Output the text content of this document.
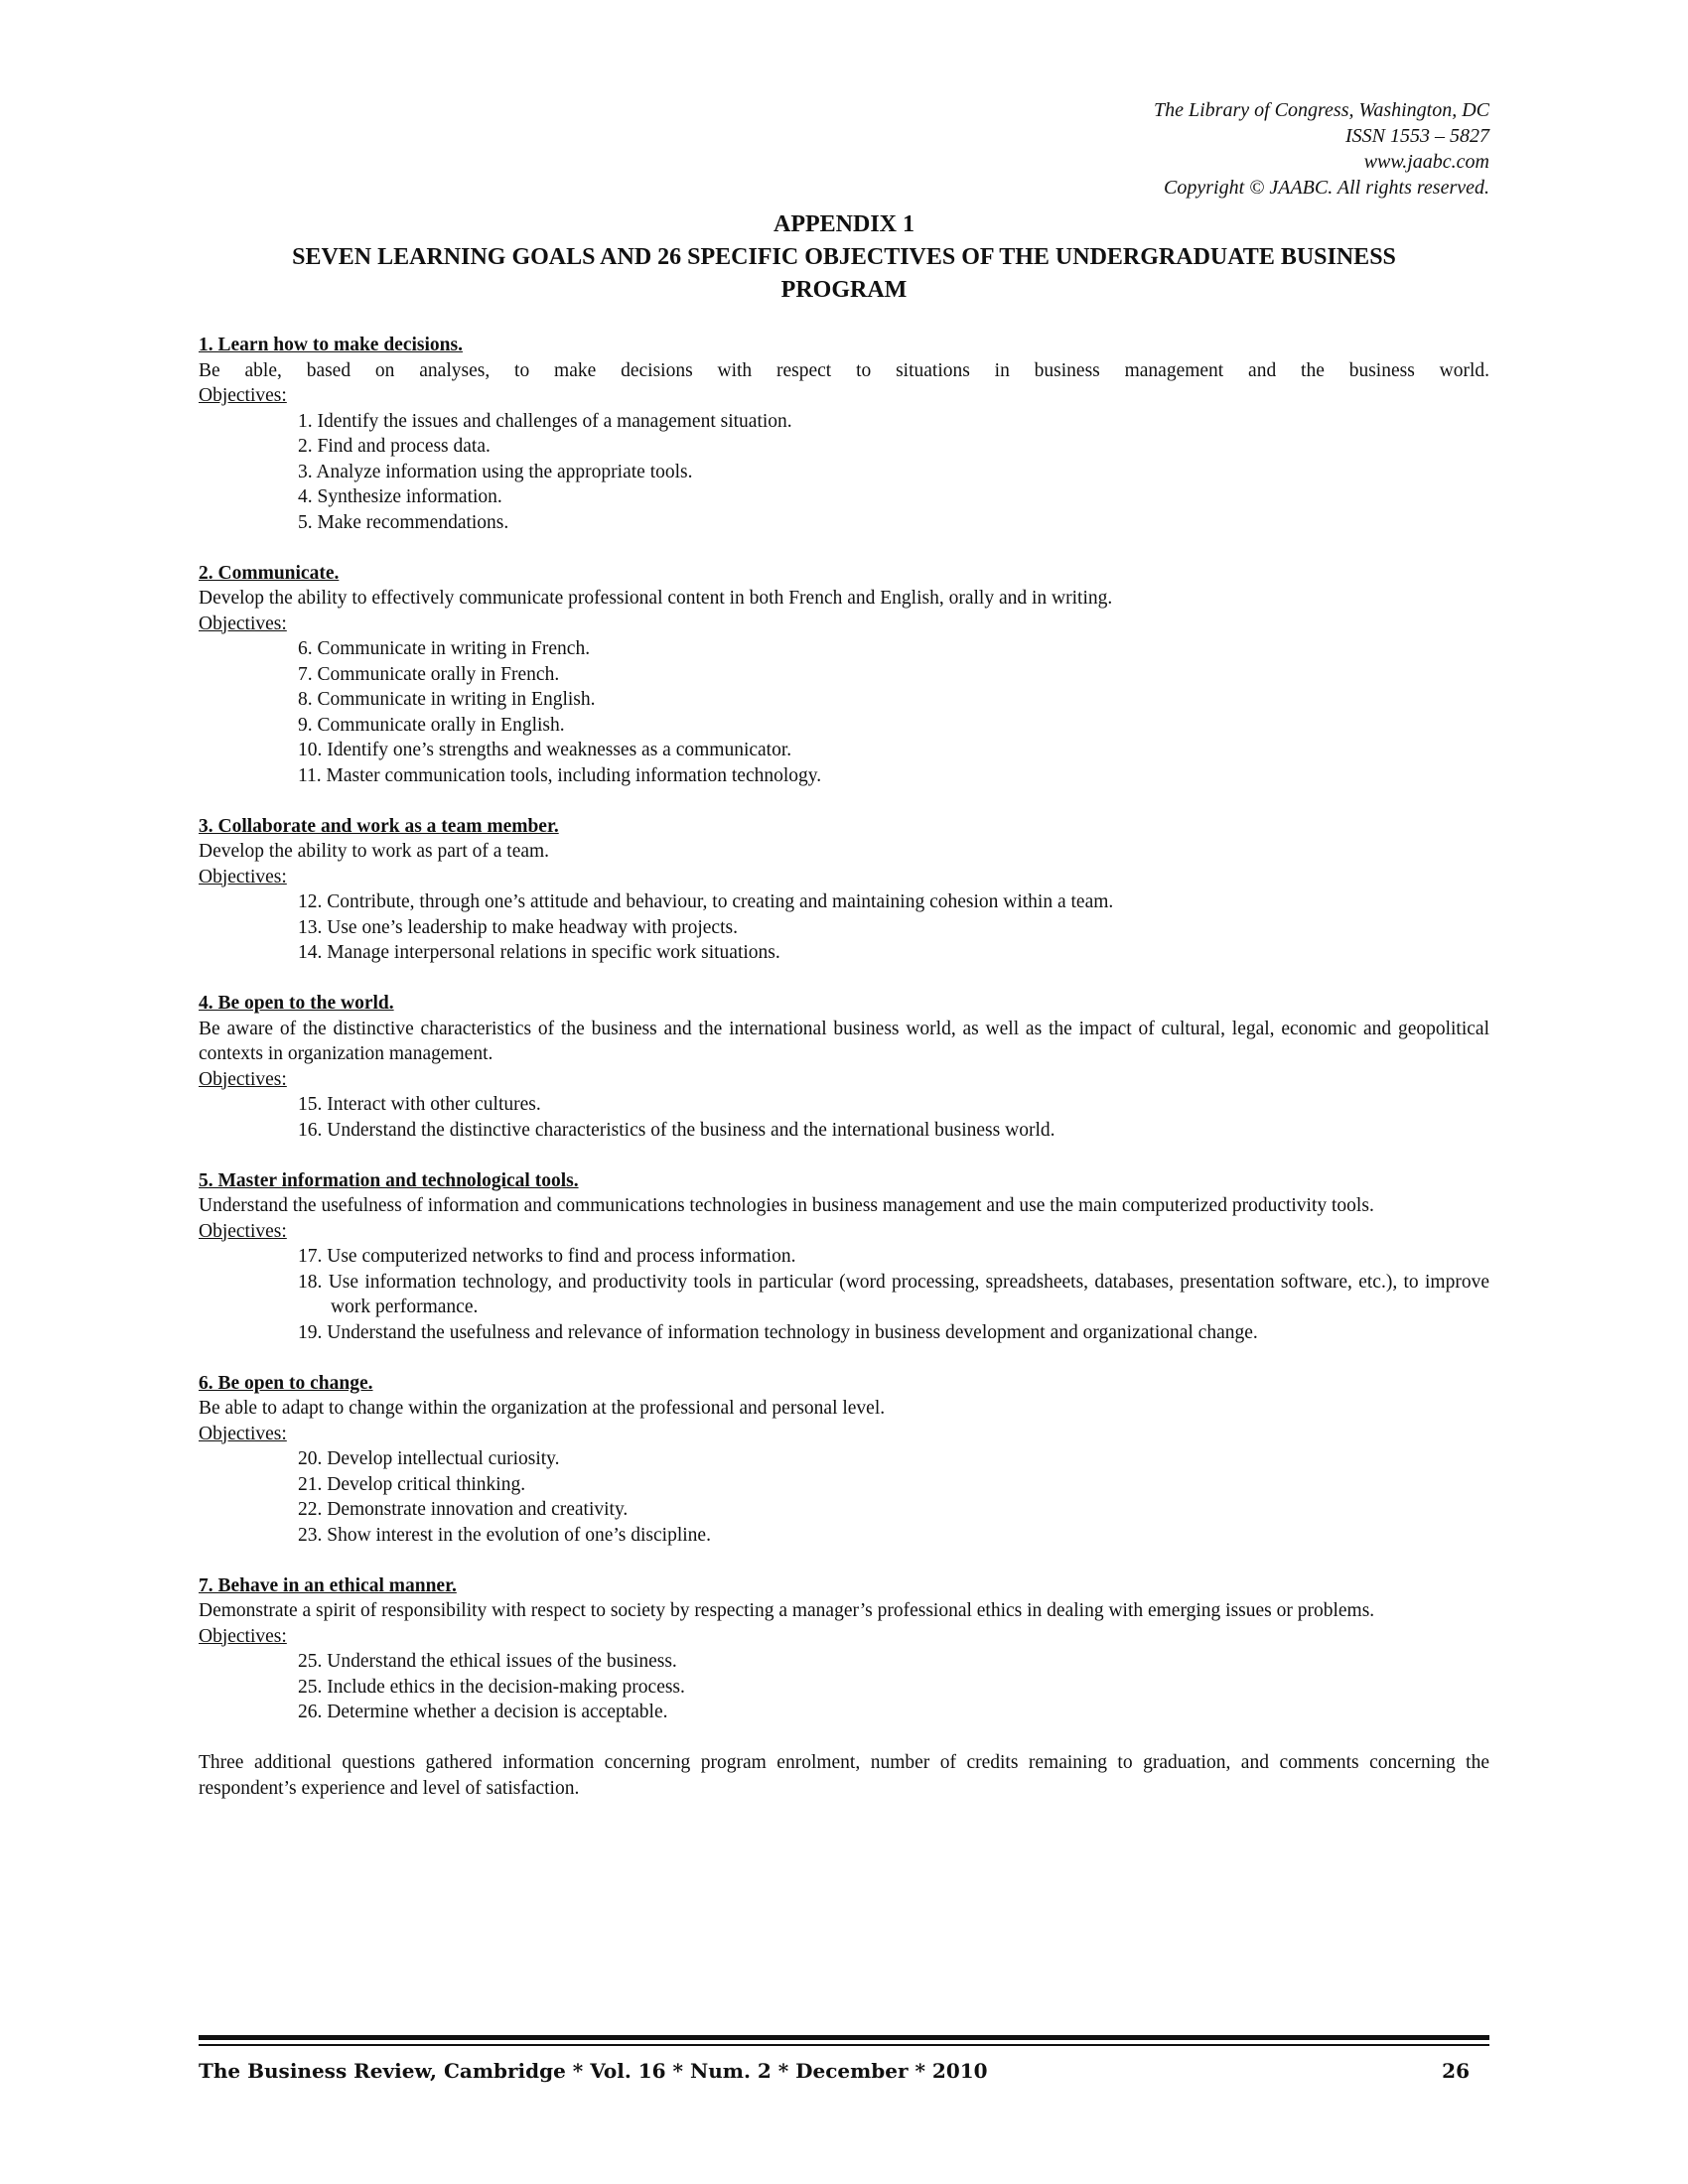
The Library of Congress, Washington, DC
ISSN 1553 – 5827
www.jaabc.com
Copyright © JAABC. All rights reserved.
APPENDIX 1
SEVEN LEARNING GOALS AND 26 SPECIFIC OBJECTIVES OF THE UNDERGRADUATE BUSINESS
PROGRAM
1. Learn how to make decisions.
Be able, based on analyses, to make decisions with respect to situations in business management and the business world.
Objectives:
1. Identify the issues and challenges of a management situation.
2. Find and process data.
3. Analyze information using the appropriate tools.
4. Synthesize information.
5. Make recommendations.
2. Communicate.
Develop the ability to effectively communicate professional content in both French and English, orally and in writing.
Objectives:
6. Communicate in writing in French.
7. Communicate orally in French.
8. Communicate in writing in English.
9. Communicate orally in English.
10. Identify one’s strengths and weaknesses as a communicator.
11. Master communication tools, including information technology.
3. Collaborate and work as a team member.
Develop the ability to work as part of a team.
Objectives:
12. Contribute, through one’s attitude and behaviour, to creating and maintaining cohesion within a team.
13. Use one’s leadership to make headway with projects.
14. Manage interpersonal relations in specific work situations.
4. Be open to the world.
Be aware of the distinctive characteristics of the business and the international business world, as well as the impact of cultural, legal, economic and geopolitical contexts in organization management.
Objectives:
15. Interact with other cultures.
16. Understand the distinctive characteristics of the business and the international business world.
5. Master information and technological tools.
Understand the usefulness of information and communications technologies in business management and use the main computerized productivity tools.
Objectives:
17. Use computerized networks to find and process information.
18. Use information technology, and productivity tools in particular (word processing, spreadsheets, databases, presentation software, etc.), to improve work performance.
19. Understand the usefulness and relevance of information technology in business development and organizational change.
6. Be open to change.
Be able to adapt to change within the organization at the professional and personal level.
Objectives:
20. Develop intellectual curiosity.
21. Develop critical thinking.
22. Demonstrate innovation and creativity.
23. Show interest in the evolution of one’s discipline.
7. Behave in an ethical manner.
Demonstrate a spirit of responsibility with respect to society by respecting a manager’s professional ethics in dealing with emerging issues or problems.
Objectives:
25. Understand the ethical issues of the business.
25. Include ethics in the decision-making process.
26. Determine whether a decision is acceptable.
Three additional questions gathered information concerning program enrolment, number of credits remaining to graduation, and comments concerning the respondent’s experience and level of satisfaction.
The Business Review, Cambridge * Vol. 16 * Num. 2 * December * 2010	26
